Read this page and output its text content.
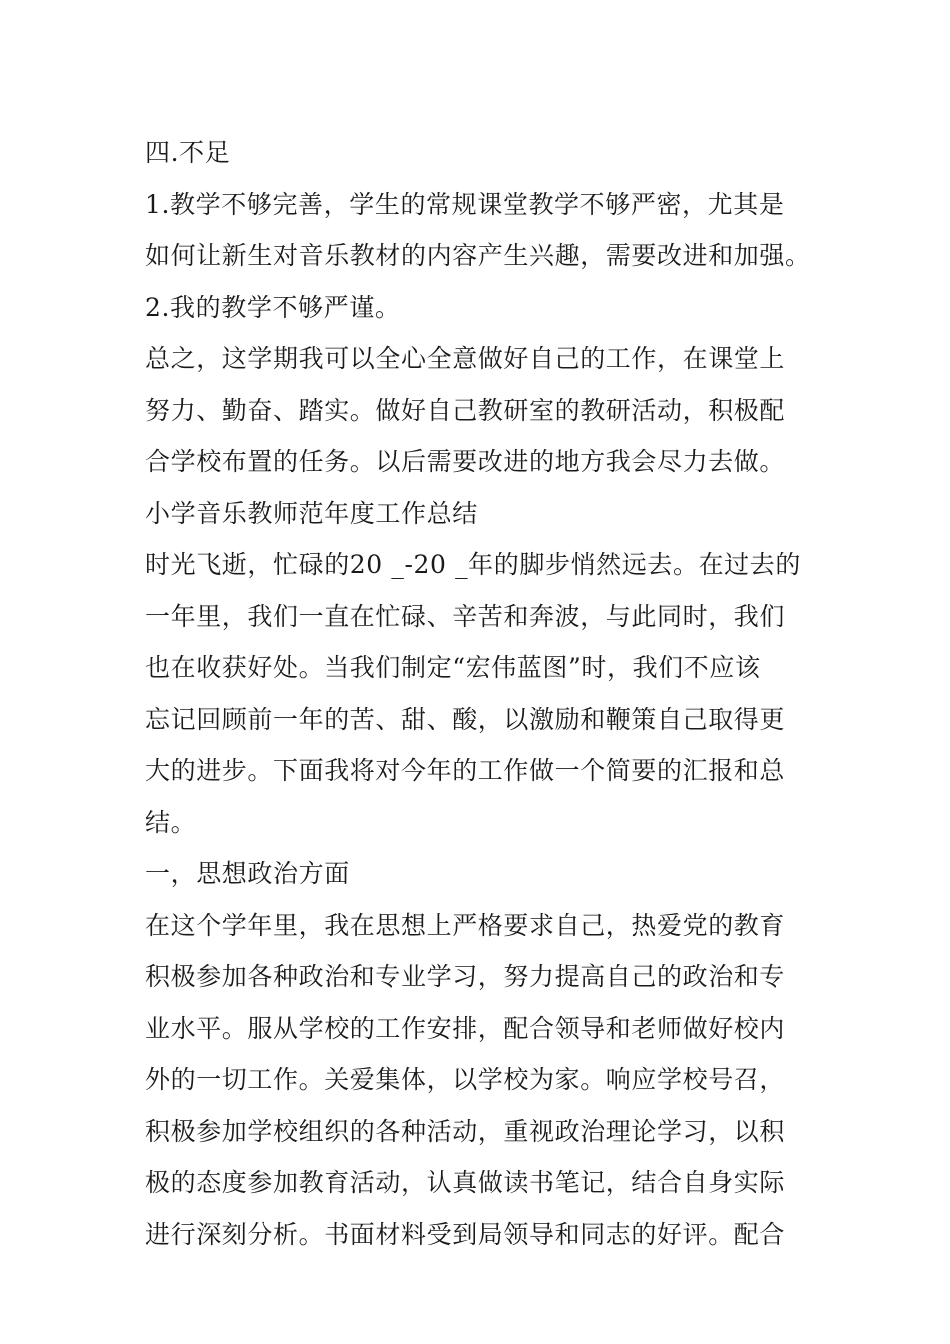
四.不足
1.教学不够完善，学生的常规课堂教学不够严密，尤其是
如何让新生对音乐教材的内容产生兴趣，需要改进和加强。
2.我的教学不够严谨。
总之，这学期我可以全心全意做好自己的工作，在课堂上
努力、勤奋、踏实。做好自己教研室的教研活动，积极配
合学校布置的任务。以后需要改进的地方我会尽力去做。
小学音乐教师范年度工作总结
时光飞逝，忙碌的20 _-20 _年的脚步悄然远去。在过去的
一年里，我们一直在忙碌、辛苦和奔波，与此同时，我们
也在收获好处。当我们制定“宏伟蓝图”时，我们不应该
忘记回顾前一年的苦、甜、酸，以激励和鞭策自己取得更
大的进步。下面我将对今年的工作做一个简要的汇报和总
结。
一，思想政治方面
在这个学年里，我在思想上严格要求自己，热爱党的教育
积极参加各种政治和专业学习，努力提高自己的政治和专
业水平。服从学校的工作安排，配合领导和老师做好校内
外的一切工作。关爱集体，以学校为家。响应学校号召，
积极参加学校组织的各种活动，重视政治理论学习，以积
极的态度参加教育活动，认真做读书笔记，结合自身实际
进行深刻分析。书面材料受到局领导和同志的好评。配合
